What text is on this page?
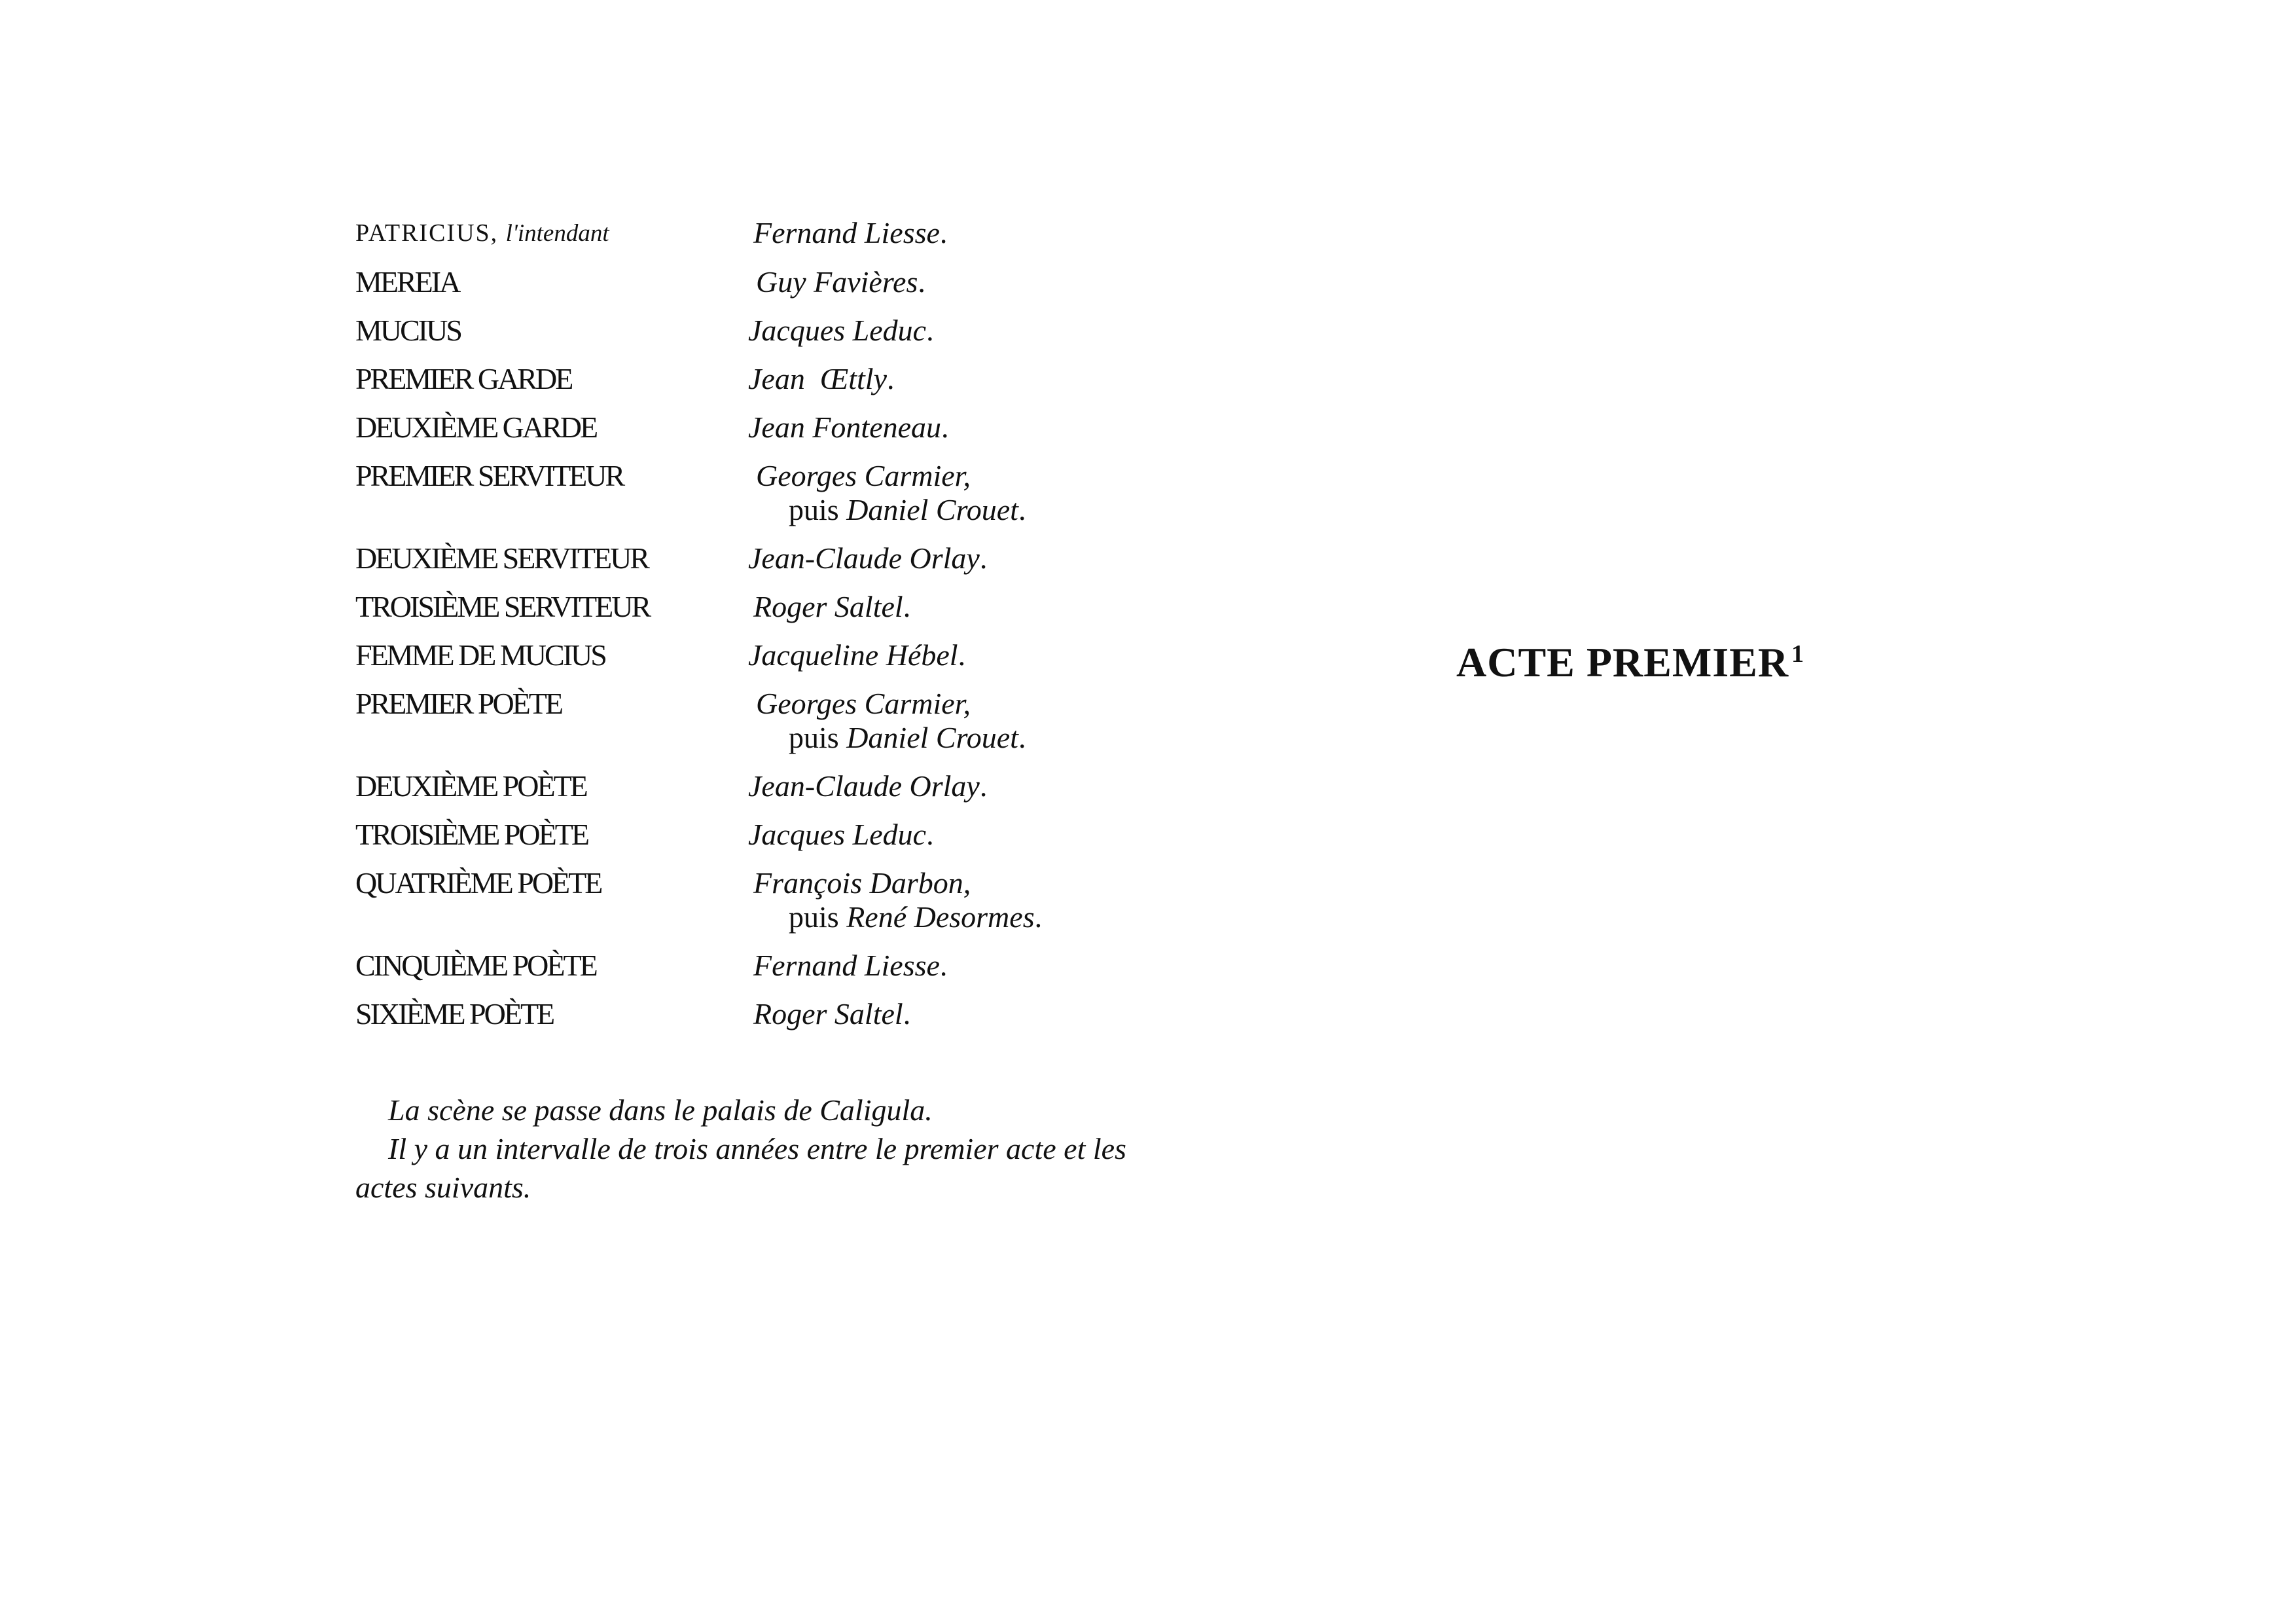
PATRICIUS, l'intendant	Fernand Liesse.
MEREIA	Guy Favières.
MUCIUS	Jacques Leduc.
PREMIER GARDE	Jean  Œttly.
DEUXIÈME GARDE	Jean Fonteneau.
PREMIER SERVITEUR	Georges Carmier,
puis Daniel Crouet.
DEUXIÈME SERVITEUR	Jean-Claude Orlay.
TROISIÈME SERVITEUR	Roger Saltel.
FEMME DE MUCIUS	Jacqueline Hébel.
PREMIER POÈTE	Georges Carmier,
puis Daniel Crouet.
DEUXIÈME POÈTE	Jean-Claude Orlay.
TROISIÈME POÈTE	Jacques Leduc.
QUATRIÈME POÈTE	François Darbon,
puis René Desormes.
CINQUIÈME POÈTE	Fernand Liesse.
SIXIÈME POÈTE	Roger Saltel.

La scène se passe dans le palais de Caligula.

Il y a un intervalle de trois années entre le premier acte et les actes suivants.

ACTE PREMIER $^1$
